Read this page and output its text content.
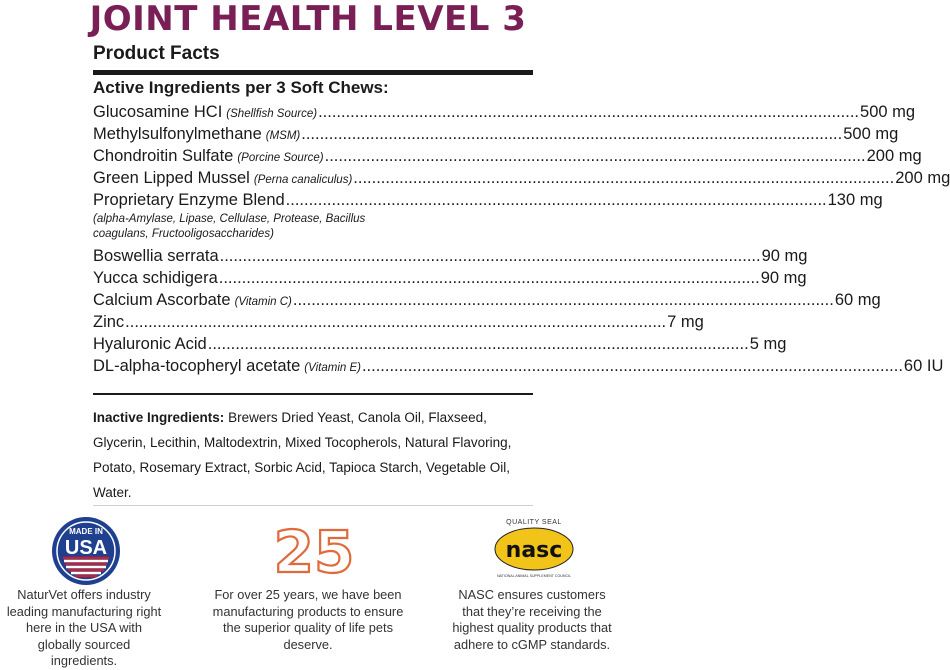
JOINT HEALTH LEVEL 3
Product Facts
Active Ingredients per 3 Soft Chews:
Glucosamine HCI (Shellfish Source) .....	500 mg
Methylsulfonylmethane (MSM) .....	500 mg
Chondroitin Sulfate (Porcine Source) .....	200 mg
Green Lipped Mussel (Perna canaliculus) .....	200 mg
Proprietary Enzyme Blend .....	130 mg
(alpha-Amylase, Lipase, Cellulase, Protease, Bacillus coagulans, Fructooligosaccharides)
Boswellia serrata .....	90 mg
Yucca schidigera .....	90 mg
Calcium Ascorbate (Vitamin C) .....	60 mg
Zinc .....	7 mg
Hyaluronic Acid .....	5 mg
DL-alpha-tocopheryl acetate (Vitamin E) .....	60 IU
Inactive Ingredients: Brewers Dried Yeast, Canola Oil, Flaxseed, Glycerin, Lecithin, Maltodextrin, Mixed Tocopherols, Natural Flavoring, Potato, Rosemary Extract, Sorbic Acid, Tapioca Starch, Vegetable Oil, Water.
MADE IN
USA	25	QUALITY SEAL
nasc
NATIONAL ANIMAL SUPPLEMENT COUNCIL
NaturVet offers industry leading manufacturing right here in the USA with globally sourced ingredients.
For over 25 years, we have been manufacturing products to ensure the superior quality of life pets deserve.
NASC ensures customers that they’re receiving the highest quality products that adhere to cGMP standards.
